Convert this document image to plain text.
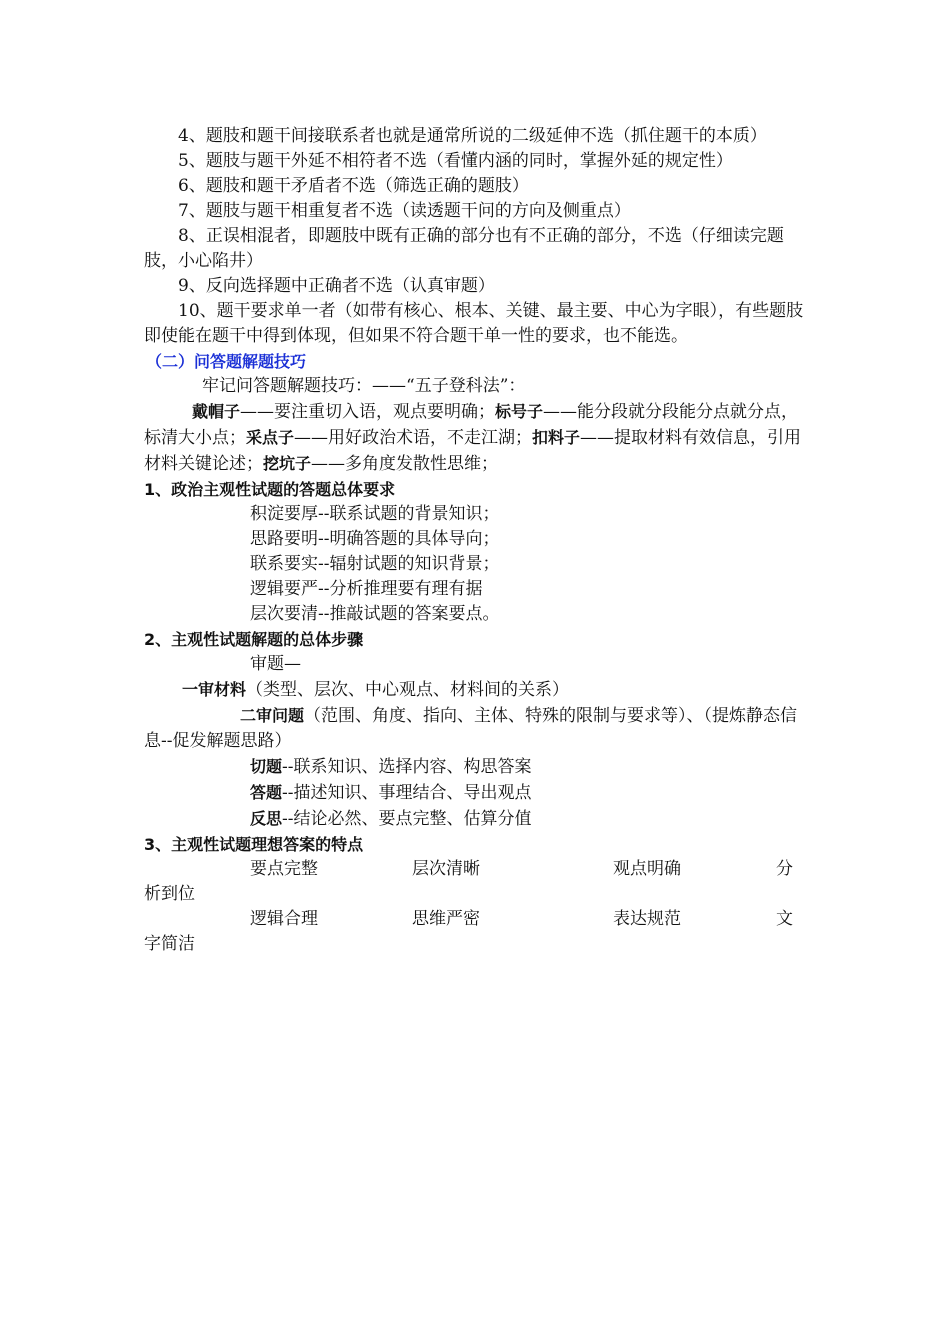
4、题肢和题干间接联系者也就是通常所说的二级延伸不选（抓住题干的本质）

5、题肢与题干外延不相符者不选（看懂内涵的同时，掌握外延的规定性）

6、题肢和题干矛盾者不选（筛选正确的题肢）

7、题肢与题干相重复者不选（读透题干问的方向及侧重点）

8、正误相混者，即题肢中既有正确的部分也有不正确的部分，不选（仔细读完题肢，小心陷井）

9、反向选择题中正确者不选（认真审题）

10、题干要求单一者（如带有核心、根本、关键、最主要、中心为字眼），有些题肢即使能在题干中得到体现，但如果不符合题干单一性的要求，也不能选。

（二）问答题解题技巧

牢记问答题解题技巧：——“五子登科法”：

戴帽子——要注重切入语，观点要明确；标号子——能分段就分段能分点就分点，标清大小点；采点子——用好政治术语，不走江湖；扣料子——提取材料有效信息，引用材料关键论述；挖坑子——多角度发散性思维；

1、政治主观性试题的答题总体要求

积淀要厚--联系试题的背景知识；

思路要明--明确答题的具体导向；

联系要实--辐射试题的知识背景；

逻辑要严--分析推理要有理有据

层次要清--推敲试题的答案要点。

2、主观性试题解题的总体步骤

审题—

一审材料（类型、层次、中心观点、材料间的关系）

二审问题（范围、角度、指向、主体、特殊的限制与要求等）、（提炼静态信息--促发解题思路）

切题--联系知识、选择内容、构思答案

答题--描述知识、事理结合、导出观点

反思--结论必然、要点完整、估算分值

3、主观性试题理想答案的特点

要点完整	层次清晰	观点明确	分

析到位

逻辑合理	思维严密	表达规范	文

字简洁
